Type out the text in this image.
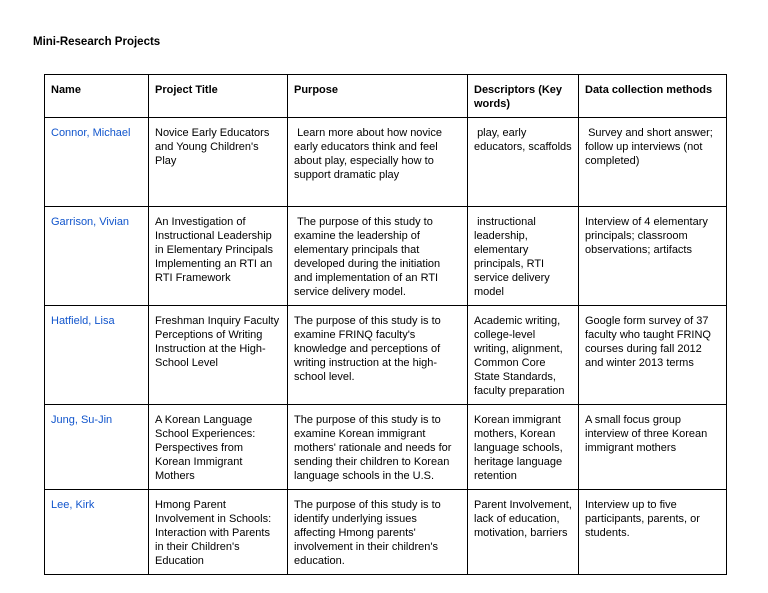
Mini-Research Projects

Name	Project Title	Purpose	Descriptors (Key words)	Data collection methods
Connor, Michael	Novice Early Educators and Young Children's Play	Learn more about how novice early educators think and feel about play, especially how to support dramatic play	play, early educators, scaffolds	Survey and short answer; follow up interviews (not completed)
Garrison, Vivian	An Investigation of Instructional Leadership in Elementary Principals Implementing an RTI an RTI Framework	The purpose of this study to examine the leadership of elementary principals that developed during the initiation and implementation of an RTI service delivery model.	instructional leadership, elementary principals, RTI service delivery model	Interview of 4 elementary principals; classroom observations; artifacts
Hatfield, Lisa	Freshman Inquiry Faculty Perceptions of Writing Instruction at the High-School Level	The purpose of this study is to examine FRINQ faculty's knowledge and perceptions of writing instruction at the high-school level.	Academic writing, college-level writing, alignment, Common Core State Standards, faculty preparation	Google form survey of 37 faculty who taught FRINQ courses during fall 2012 and winter 2013 terms
Jung, Su-Jin	A Korean Language School Experiences: Perspectives from Korean Immigrant Mothers	The purpose of this study is to examine Korean immigrant mothers' rationale and needs for sending their children to Korean language schools in the U.S.	Korean immigrant mothers, Korean language schools, heritage language retention	A small focus group interview of three Korean immigrant mothers
Lee, Kirk	Hmong Parent Involvement in Schools:  Interaction with Parents in their Children's Education	The purpose of this study is to identify underlying issues affecting Hmong parents' involvement in their children's education.	Parent Involvement, lack of education, motivation, barriers	Interview up to five participants, parents, or students.
